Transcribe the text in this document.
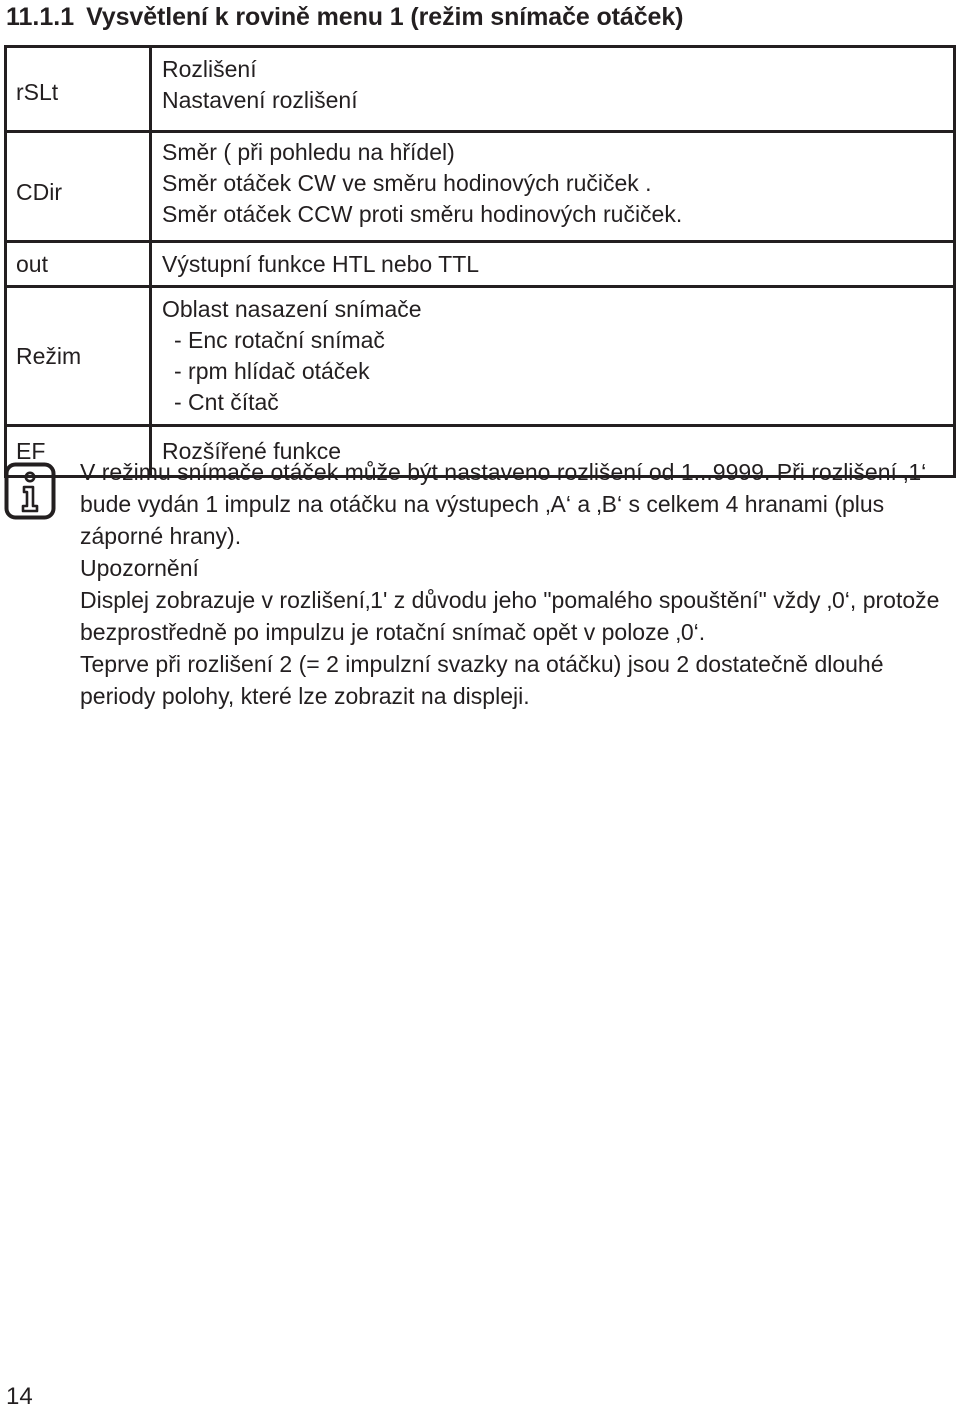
11.1.1 Vysvětlení k rovině menu 1 (režim snímače otáček)
rSLt	Rozlišení
Nastavení rozlišení

CDir	Směr ( při pohledu na hřídel)
Směr otáček CW ve směru hodinových ručiček .
Směr otáček CCW proti směru hodinových ručiček.

out	Výstupní funkce HTL nebo TTL

Režim	Oblast nasazení snímače
- Enc rotační snímač
- rpm hlídač otáček
- Cnt čítač

EF	Rozšířené funkce

V režimu snímače otáček může být nastaveno rozlišení od 1...9999. Při rozlišení ‚1‘ bude vydán 1 impulz na otáčku na výstupech ‚A‘ a ‚B‘ s celkem 4 hranami (plus záporné hrany).

Upozornění

Displej zobrazuje v rozlišení‚1' z důvodu jeho "pomalého spouštění" vždy ‚0‘, protože bezprostředně po impulzu je rotační snímač opět v poloze ‚0‘.

Teprve při rozlišení 2 (= 2 impulzní svazky na otáčku) jsou 2 dostatečně dlouhé periody polohy, které lze zobrazit na displeji.

14
